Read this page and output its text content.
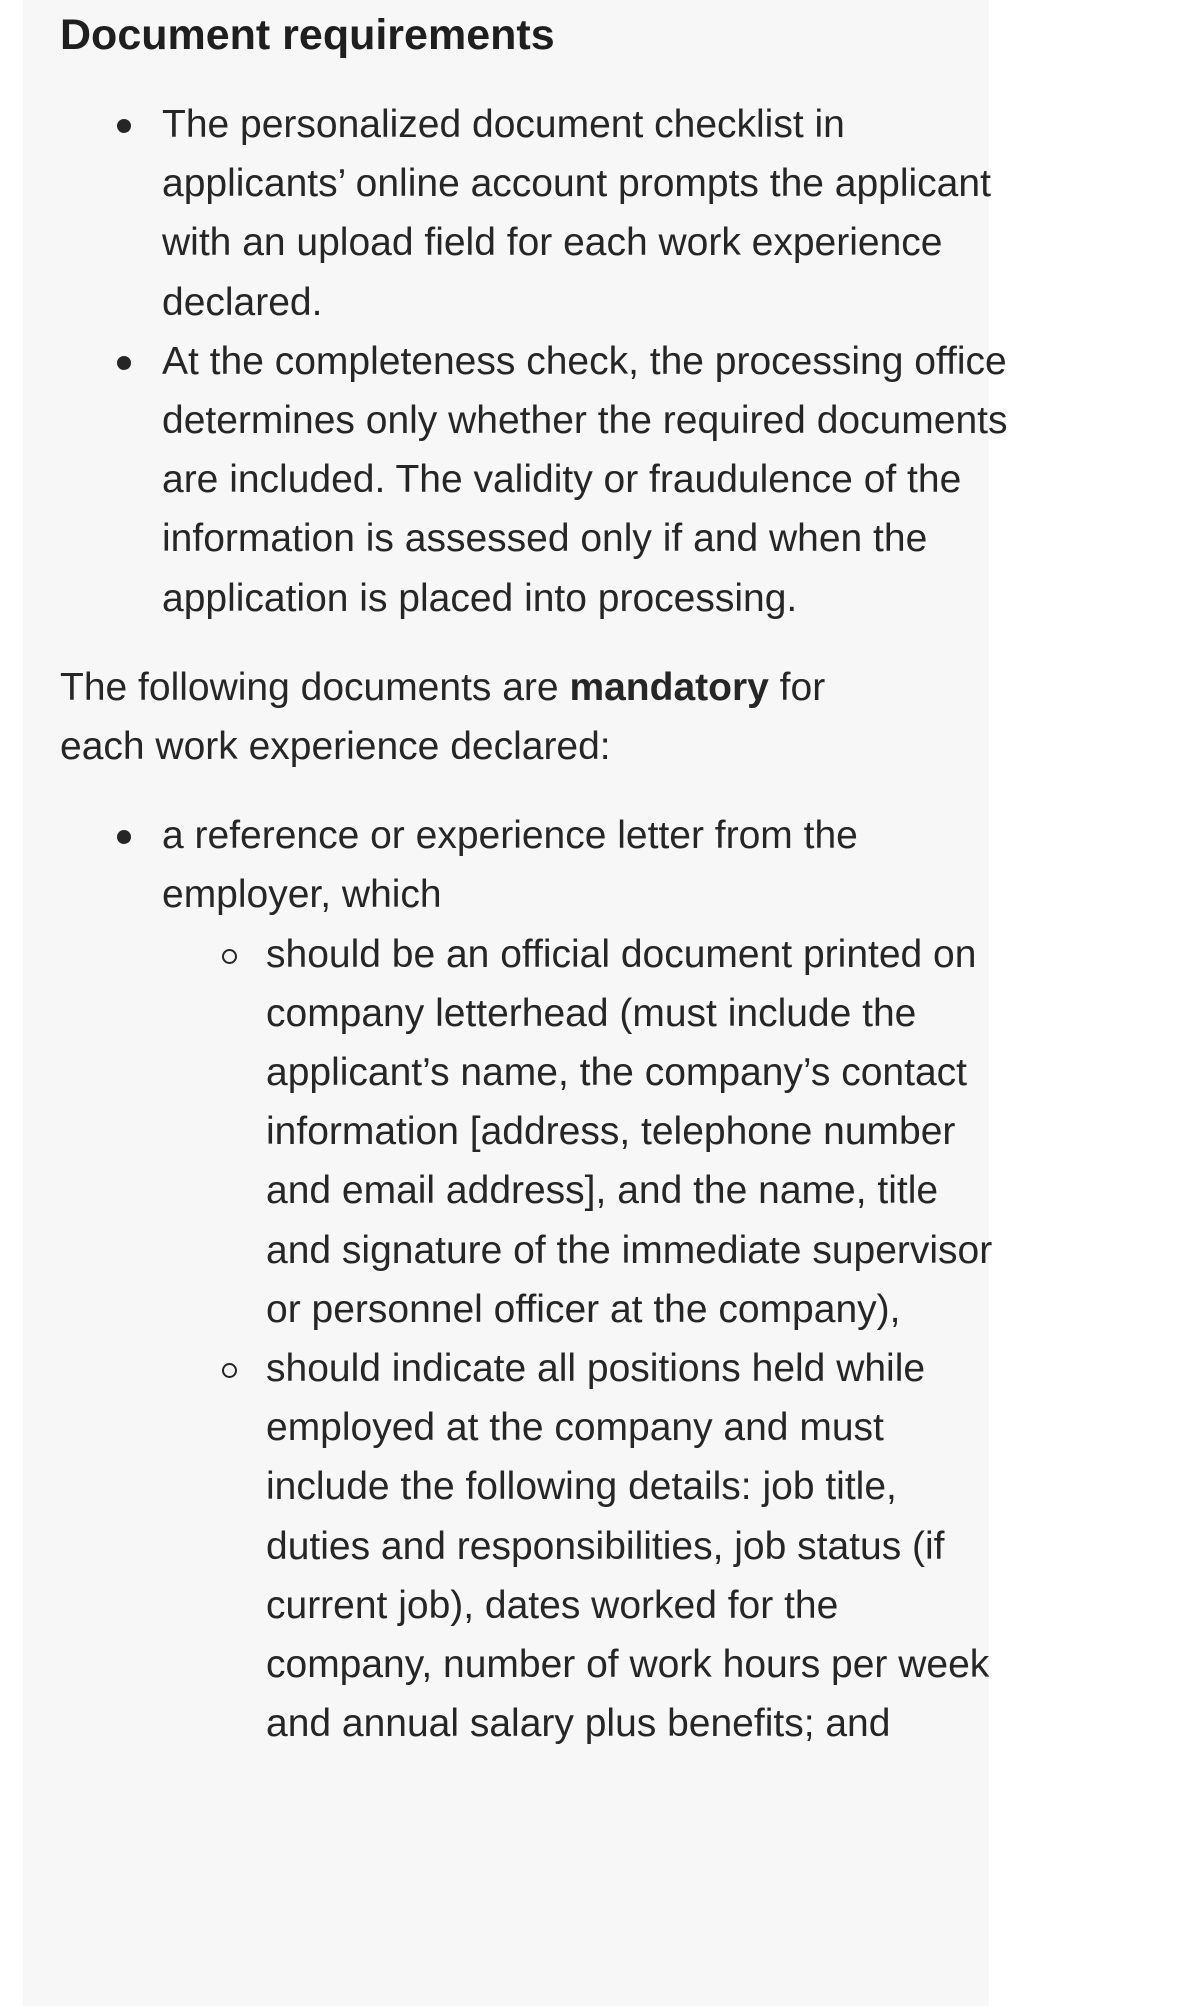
Document requirements
The personalized document checklist in applicants’ online account prompts the applicant with an upload field for each work experience declared.
At the completeness check, the processing office determines only whether the required documents are included. The validity or fraudulence of the information is assessed only if and when the application is placed into processing.

The following documents are mandatory for each work experience declared:

a reference or experience letter from the employer, which
should be an official document printed on company letterhead (must include the applicant’s name, the company’s contact information [address, telephone number and email address], and the name, title and signature of the immediate supervisor or personnel officer at the company),
should indicate all positions held while employed at the company and must include the following details: job title, duties and responsibilities, job status (if current job), dates worked for the company, number of work hours per week and annual salary plus benefits; and
